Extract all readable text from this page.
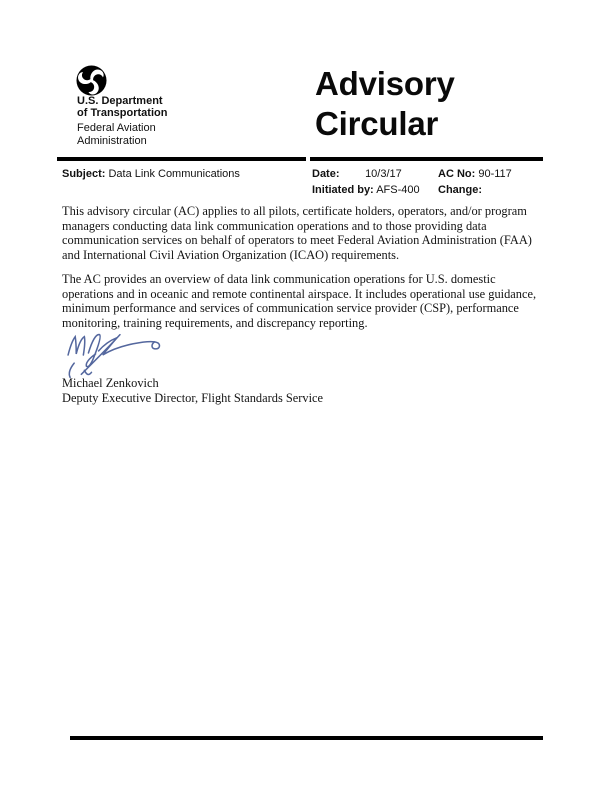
U.S. Department
of Transportation
Federal Aviation
Administration
Advisory
Circular
Subject: Data Link Communications	Date: 10/3/17
Initiated by: AFS-400
AC No: 90-117
Change:
This advisory circular (AC) applies to all pilots, certificate holders, operators, and/or program
managers conducting data link communication operations and to those providing data
communication services on behalf of operators to meet Federal Aviation Administration (FAA)
and International Civil Aviation Organization (ICAO) requirements.
The AC provides an overview of data link communication operations for U.S. domestic
operations and in oceanic and remote continental airspace. It includes operational use guidance,
minimum performance and services of communication service provider (CSP), performance
monitoring, training requirements, and discrepancy reporting.
Michael Zenkovich
Deputy Executive Director, Flight Standards Service
